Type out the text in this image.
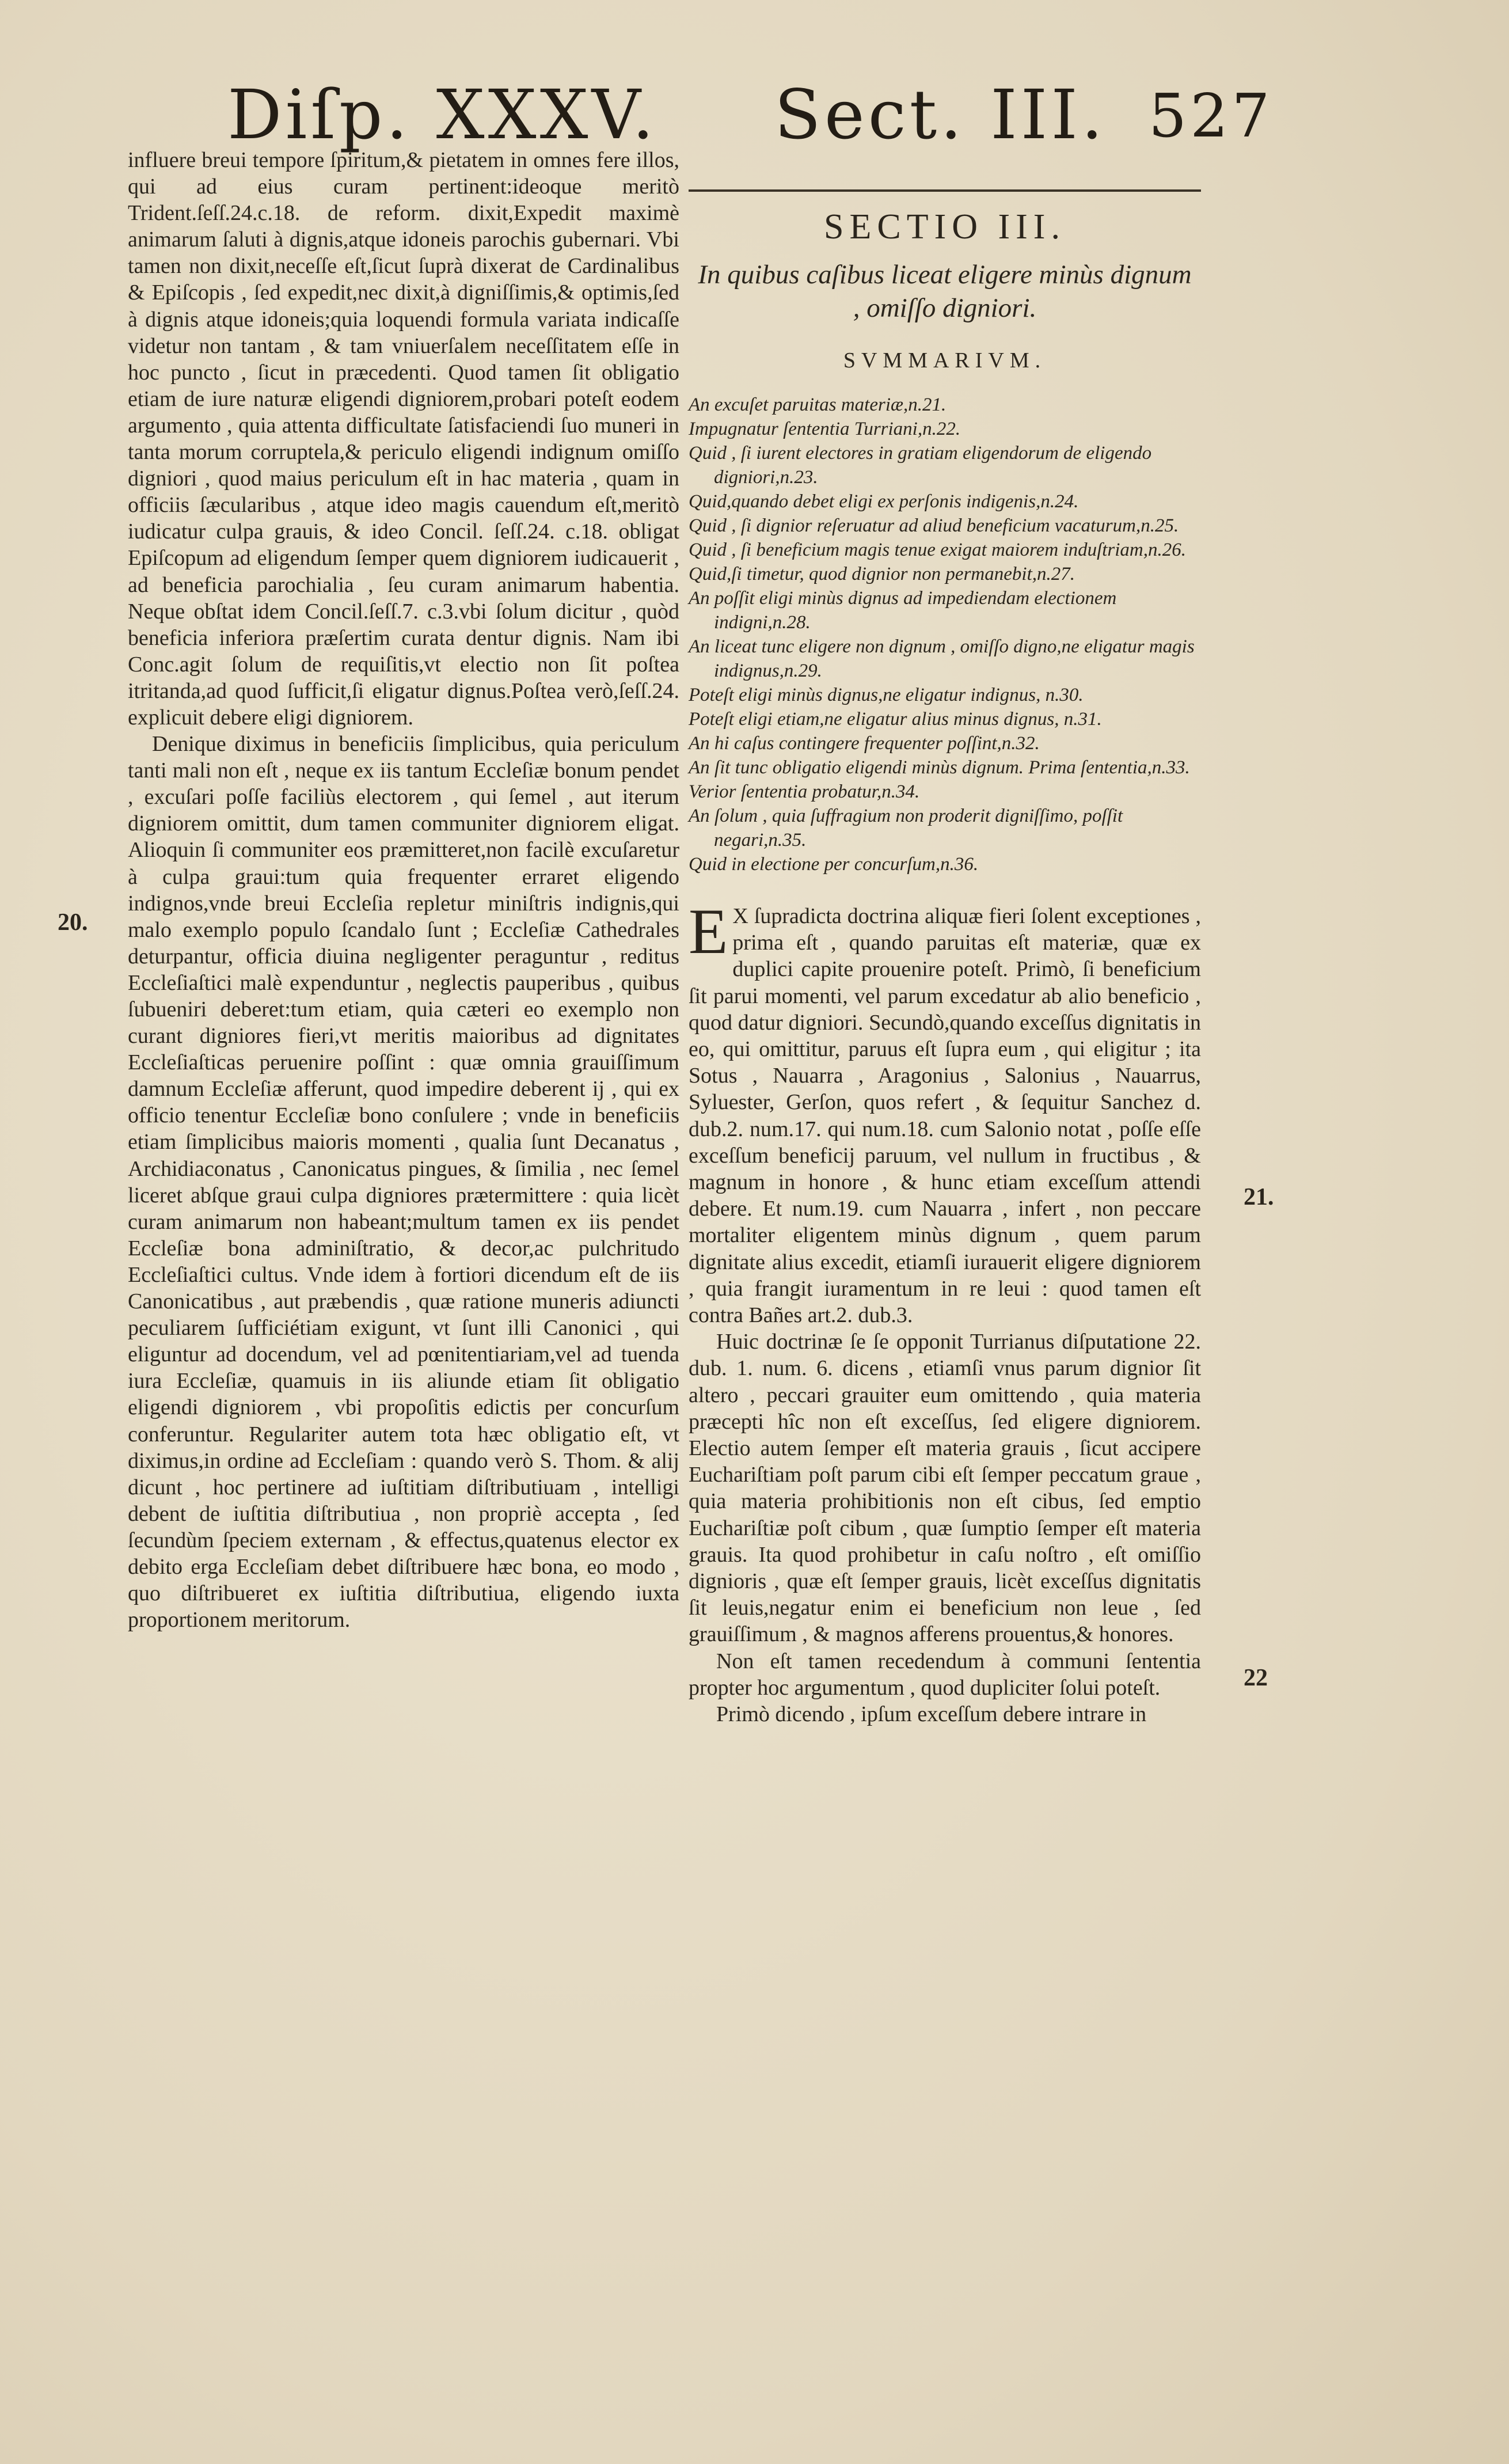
Diſp. XXXV. Sect. III. 527

influere breui tempore ſpiritum,& pietatem in omnes fere illos, qui ad eius curam pertinent:ideoque meritò Trident.ſeſſ.24.c.18. de reform. dixit,Expedit maximè animarum ſaluti à dignis,atque idoneis parochis gubernari. Vbi tamen non dixit,neceſſe eſt,ſicut ſuprà dixerat de Cardinalibus & Epiſcopis , ſed expedit,nec dixit,à digniſſimis,& optimis,ſed à dignis atque idoneis;quia loquendi formula variata indicaſſe videtur non tantam , & tam vniuerſalem neceſſitatem eſſe in hoc puncto , ſicut in præcedenti. Quod tamen ſit obligatio etiam de iure naturæ eligendi digniorem,probari poteſt eodem argumento , quia attenta difficultate ſatisfaciendi ſuo muneri in tanta morum corruptela,& periculo eligendi indignum omiſſo digniori , quod maius periculum eſt in hac materia , quam in officiis ſæcularibus , atque ideo magis cauendum eſt,meritò iudicatur culpa grauis, & ideo Concil. ſeſſ.24. c.18. obligat Epiſcopum ad eligendum ſemper quem digniorem iudicauerit , ad beneficia parochialia , ſeu curam animarum habentia. Neque obſtat idem Concil.ſeſſ.7. c.3.vbi ſolum dicitur , quòd beneficia inferiora præſertim curata dentur dignis. Nam ibi Conc.agit ſolum de requiſitis,vt electio non ſit poſtea itritanda,ad quod ſufficit,ſi eligatur dignus.Poſtea verò,ſeſſ.24. explicuit debere eligi digniorem.

Denique diximus in beneficiis ſimplicibus, quia periculum tanti mali non eſt , neque ex iis tantum Eccleſiæ bonum pendet , excuſari poſſe faciliùs electorem , qui ſemel , aut iterum digniorem omittit, dum tamen communiter digniorem eligat. Alioquin ſi communiter eos præmitteret,non facilè excuſaretur à culpa graui:tum quia frequenter erraret eligendo indignos,vnde breui Eccleſia repletur miniſtris indignis,qui malo exemplo populo ſcandalo ſunt ; Eccleſiæ Cathedrales deturpantur, officia diuina negligenter peraguntur , reditus Eccleſiaſtici malè expenduntur , neglectis pauperibus , quibus ſubueniri deberet:tum etiam, quia cæteri eo exemplo non curant digniores fieri,vt meritis maioribus ad dignitates Eccleſiaſticas peruenire poſſint : quæ omnia grauiſſimum damnum Eccleſiæ afferunt, quod impedire deberent ij , qui ex officio tenentur Eccleſiæ bono conſulere ; vnde in beneficiis etiam ſimplicibus maioris momenti , qualia ſunt Decanatus , Archidiaconatus , Canonicatus pingues, & ſimilia , nec ſemel liceret abſque graui culpa digniores prætermittere : quia licèt curam animarum non habeant;multum tamen ex iis pendet Eccleſiæ bona adminiſtratio, & decor,ac pulchritudo Eccleſiaſtici cultus. Vnde idem à fortiori dicendum eſt de iis Canonicatibus , aut præbendis , quæ ratione muneris adiuncti peculiarem ſufficiétiam exigunt, vt ſunt illi Canonici , qui eliguntur ad docendum, vel ad pœnitentiariam,vel ad tuenda iura Eccleſiæ, quamuis in iis aliunde etiam ſit obligatio eligendi digniorem , vbi propoſitis edictis per concurſum conferuntur. Regulariter autem tota hæc obligatio eſt, vt diximus,in ordine ad Eccleſiam : quando verò S. Thom. & alij dicunt , hoc pertinere ad iuſtitiam diſtributiuam , intelligi debent de iuſtitia diſtributiua , non propriè accepta , ſed ſecundùm ſpeciem externam , & effectus,quatenus elector ex debito erga Eccleſiam debet diſtribuere hæc bona, eo modo , quo diſtribueret ex iuſtitia diſtributiua, eligendo iuxta proportionem meritorum.

20.
SECTIO III.
In quibus caſibus liceat eligere minùs dignum , omiſſo digniori.
SVMMARIVM.
An excuſet paruitas materiæ,n.21.
Impugnatur ſententia Turriani,n.22.
Quid , ſi iurent electores in gratiam eligendorum de eligendo digniori,n.23.
Quid,quando debet eligi ex perſonis indigenis,n.24.
Quid , ſi dignior reſeruatur ad aliud beneficium vacaturum,n.25.
Quid , ſi beneficium magis tenue exigat maiorem induſtriam,n.26.
Quid,ſi timetur, quod dignior non permanebit,n.27.
An poſſit eligi minùs dignus ad impediendam electionem indigni,n.28.
An liceat tunc eligere non dignum , omiſſo digno,ne eligatur magis indignus,n.29.
Poteſt eligi minùs dignus,ne eligatur indignus, n.30.
Poteſt eligi etiam,ne eligatur alius minus dignus, n.31.
An hi caſus contingere frequenter poſſint,n.32.
An ſit tunc obligatio eligendi minùs dignum. Prima ſententia,n.33.
Verior ſententia probatur,n.34.
An ſolum , quia ſuffragium non proderit digniſſimo, poſſit negari,n.35.
Quid in electione per concurſum,n.36.

E X ſupradicta doctrina aliquæ fieri ſolent exceptiones , prima eſt , quando paruitas eſt materiæ, quæ ex duplici capite prouenire poteſt. Primò, ſi beneficium ſit parui momenti, vel parum excedatur ab alio beneficio , quod datur digniori. Secundò,quando exceſſus dignitatis in eo, qui omittitur, paruus eſt ſupra eum , qui eligitur ; ita Sotus , Nauarra , Aragonius , Salonius , Nauarrus, Syluester, Gerſon, quos refert , & ſequitur Sanchez d. dub.2. num.17. qui num.18. cum Salonio notat , poſſe eſſe exceſſum beneficij paruum, vel nullum in fructibus , & magnum in honore , & hunc etiam exceſſum attendi debere. Et num.19. cum Nauarra , infert , non peccare mortaliter eligentem minùs dignum , quem parum dignitate alius excedit, etiamſi iurauerit eligere digniorem , quia frangit iuramentum in re leui : quod tamen eſt contra Bañes art.2. dub.3.

Huic doctrinæ ſe ſe opponit Turrianus diſputatione 22. dub. 1. num. 6. dicens , etiamſi vnus parum dignior ſit altero , peccari grauiter eum omittendo , quia materia præcepti hîc non eſt exceſſus, ſed eligere digniorem. Electio autem ſemper eſt materia grauis , ſicut accipere Euchariſtiam poſt parum cibi eſt ſemper peccatum graue , quia materia prohibitionis non eſt cibus, ſed emptio Euchariſtiæ poſt cibum , quæ ſumptio ſemper eſt materia grauis. Ita quod prohibetur in caſu noſtro , eſt omiſſio dignioris , quæ eſt ſemper grauis, licèt exceſſus dignitatis ſit leuis,negatur enim ei beneficium non leue , ſed grauiſſimum , & magnos afferens prouentus,& honores.

Non eſt tamen recedendum à communi ſententia propter hoc argumentum , quod dupliciter ſolui poteſt.

Primò dicendo , ipſum exceſſum debere intrare in

21.
22
